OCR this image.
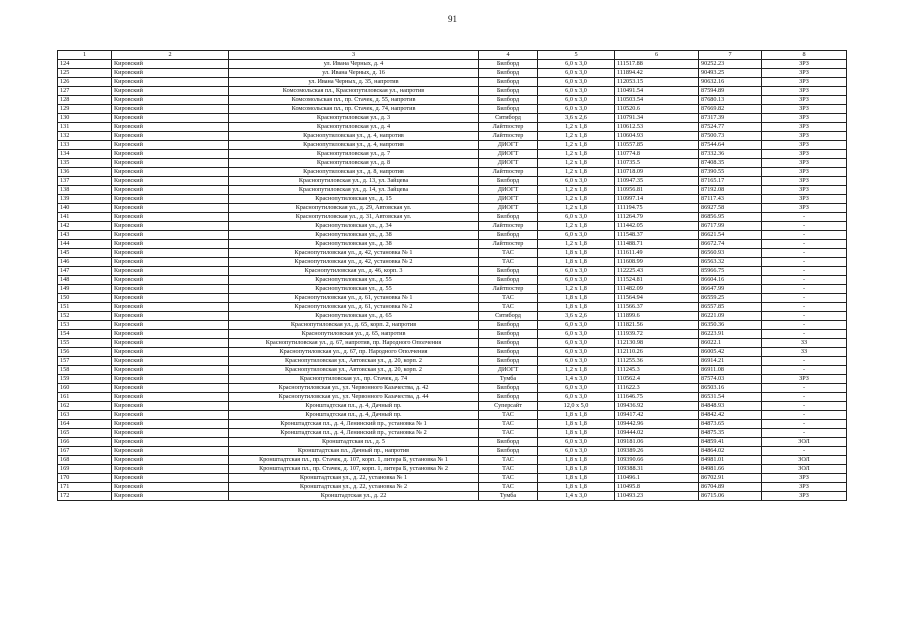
91
1	2	3	4	5	6	7	8
124	Кировский	ул. Ивана Черных, д. 4	Билборд	6,0 х 3,0	111517.88	90252.23	ЗРЗ
125	Кировский	ул. Ивана Черных, д. 16	Билборд	6,0 х 3,0	111894.42	90493.25	ЗРЗ
126	Кировский	ул. Ивана Черных, д. 35, напротив	Билборд	6,0 х 3,0	112053.15	90632.16	ЗРЗ
127	Кировский	Комсомольская пл., Краснопутиловская ул., напротив	Билборд	6,0 х 3,0	110491.54	87594.89	ЗРЗ
128	Кировский	Комсомольская пл., пр. Стачек, д. 55, напротив	Билборд	6,0 х 3,0	110503.54	87680.13	ЗРЗ
129	Кировский	Комсомольская пл., пр. Стачек, д. 74, напротив	Билборд	6,0 х 3,0	110520.6	87669.82	ЗРЗ
130	Кировский	Краснопутиловская ул., д. 3	Ситиборд	3,6 х 2,6	110791.34	87317.39	ЗРЗ
131	Кировский	Краснопутиловская ул., д. 4	Лайтпостер	1,2 х 1,8	110612.53	87524.77	ЗРЗ
132	Кировский	Краснопутиловская ул., д. 4, напротив	Лайтпостер	1,2 х 1,8	110604.93	87500.73	ЗРЗ
133	Кировский	Краснопутиловская ул., д. 4, напротив	ДИОГТ	1,2 х 1,8	110557.85	87544.64	ЗРЗ
134	Кировский	Краснопутиловская ул., д. 7	ДИОГТ	1,2 х 1,8	110774.8	87332.36	ЗРЗ
135	Кировский	Краснопутиловская ул., д. 8	ДИОГТ	1,2 х 1,8	110735.5	87408.35	ЗРЗ
136	Кировский	Краснопутиловская ул., д. 8, напротив	Лайтпостер	1,2 х 1,8	110718.09	87390.55	ЗРЗ
137	Кировский	Краснопутиловская ул., д. 13, ул. Зайцева	Билборд	6,0 х 3,0	110947.35	87165.17	ЗРЗ
138	Кировский	Краснопутиловская ул., д. 14, ул. Зайцева	ДИОГТ	1,2 х 1,8	110956.81	87192.08	ЗРЗ
139	Кировский	Краснопутиловская ул., д. 15	ДИОГТ	1,2 х 1,8	110997.14	87117.43	ЗРЗ
140	Кировский	Краснопутиловская ул., д. 29, Автовская ул.	ДИОГТ	1,2 х 1,8	111194.75	86927.58	ЗРЗ
141	Кировский	Краснопутиловская ул., д. 31, Автовская ул.	Билборд	6,0 х 3,0	111264.79	86856.95	-
142	Кировский	Краснопутиловская ул., д. 34	Лайтпостер	1,2 х 1,8	111442.05	86717.99	-
143	Кировский	Краснопутиловская ул., д. 38	Билборд	6,0 х 3,0	111548.37	86621.54	-
144	Кировский	Краснопутиловская ул., д. 38	Лайтпостер	1,2 х 1,8	111488.71	86672.74	-
145	Кировский	Краснопутиловская ул., д. 42, установка № 1	ТАС	1,8 х 1,8	111611.49	86560.93	-
146	Кировский	Краснопутиловская ул., д. 42, установка № 2	ТАС	1,8 х 1,8	111608.99	86563.32	-
147	Кировский	Краснопутиловская ул., д. 46, корп. 3	Билборд	6,0 х 3,0	112225.43	85966.75	-
148	Кировский	Краснопутиловская ул., д. 55	Билборд	6,0 х 3,0	111524.81	86604.16	-
149	Кировский	Краснопутиловская ул., д. 55	Лайтпостер	1,2 х 1,8	111482.09	86647.99	-
150	Кировский	Краснопутиловская ул., д. 61, установка № 1	ТАС	1,8 х 1,8	111564.94	86559.25	-
151	Кировский	Краснопутиловская ул., д. 61, установка № 2	ТАС	1,8 х 1,8	111566.37	86557.85	-
152	Кировский	Краснопутиловская ул., д. 65	Ситиборд	3,6 х 2,6	111899.6	86221.09	-
153	Кировский	Краснопутиловская ул., д. 65, корп. 2, напротив	Билборд	6,0 х 3,0	111821.56	86350.36	-
154	Кировский	Краснопутиловская ул., д. 65, напротив	Билборд	6,0 х 3,0	111939.72	86223.91	-
155	Кировский	Краснопутиловская ул., д. 67, напротив, пр. Народного Ополчения	Билборд	6,0 х 3,0	112130.98	86022.1	ЗЗ
156	Кировский	Краснопутиловская ул., д. 67, пр. Народного Ополчения	Билборд	6,0 х 3,0	112110.26	86005.42	ЗЗ
157	Кировский	Краснопутиловская ул., Автовская ул., д. 20, корп. 2	Билборд	6,0 х 3,0	111255.36	86914.21	-
158	Кировский	Краснопутиловская ул., Автовская ул., д. 20, корп. 2	ДИОГТ	1,2 х 1,8	111245.3	86911.08	-
159	Кировский	Краснопутиловская ул., пр. Стачек, д. 74	Тумба	1,4 х 3,0	110562.4	87574.03	ЗРЗ
160	Кировский	Краснопутиловская ул., ул. Червонного Казачества, д. 42	Билборд	6,0 х 3,0	111622.3	86503.16	-
161	Кировский	Краснопутиловская ул., ул. Червонного Казачества, д. 44	Билборд	6,0 х 3,0	111646.75	86531.54	-
162	Кировский	Кронштадтская пл., д. 4, Дачный пр.	Суперсайт	12,0 х 5,0	109436.92	84848.93	-
163	Кировский	Кронштадтская пл., д. 4, Дачный пр.	ТАС	1,8 х 1,8	109417.42	84842.42	-
164	Кировский	Кронштадтская пл., д. 4, Ленинский пр., установка № 1	ТАС	1,8 х 1,8	109442.96	84873.65	-
165	Кировский	Кронштадтская пл., д. 4, Ленинский пр., установка № 2	ТАС	1,8 х 1,8	109444.02	84875.35	-
166	Кировский	Кронштадтская пл., д. 5	Билборд	6,0 х 3,0	109181.06	84859.41	ЗОЛ
167	Кировский	Кронштадтская пл., Дачный пр., напротив	Билборд	6,0 х 3,0	109389.26	84864.02	-
168	Кировский	Кронштадтская пл., пр. Стачек, д. 107, корп. 1, литера Б, установка № 1	ТАС	1,8 х 1,8	109390.66	84981.01	ЗОЛ
169	Кировский	Кронштадтская пл., пр. Стачек, д. 107, корп. 1, литера Б, установка № 2	ТАС	1,8 х 1,8	109388.31	84981.66	ЗОЛ
170	Кировский	Кронштадтская ул., д. 22, установка № 1	ТАС	1,8 х 1,8	110496.1	86702.91	ЗРЗ
171	Кировский	Кронштадтская ул., д. 22, установка № 2	ТАС	1,8 х 1,8	110495.8	86704.89	ЗРЗ
172	Кировский	Кронштадтская ул., д. 22	Тумба	1,4 х 3,0	110493.23	86715.06	ЗРЗ
